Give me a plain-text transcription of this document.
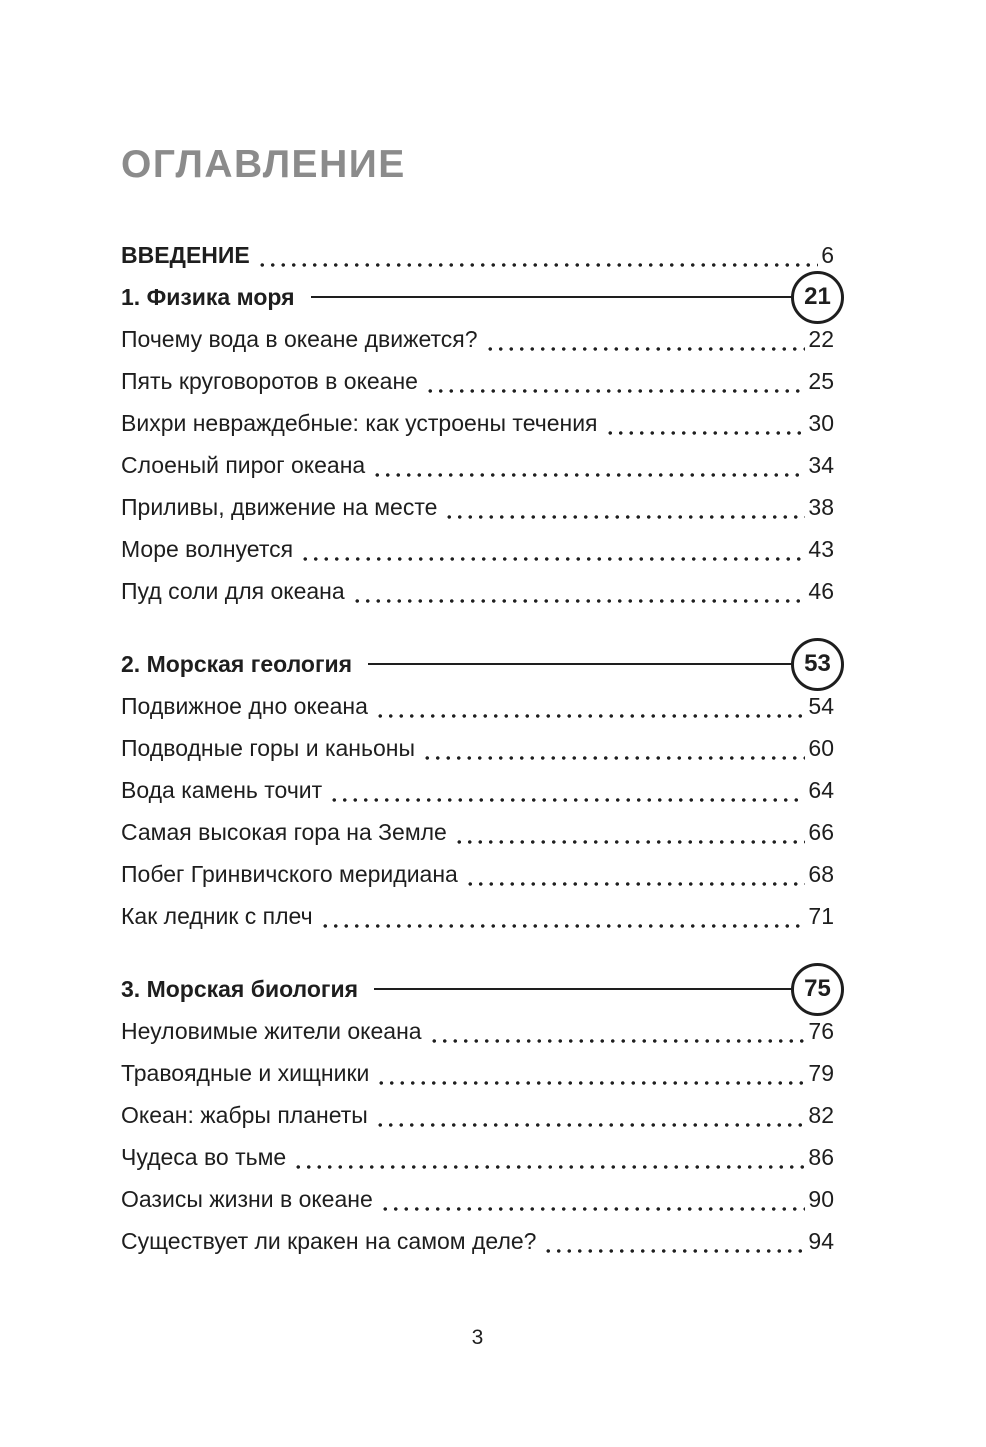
ОГЛАВЛЕНИЕ
ВВЕДЕНИЕ	6
1. Физика моря	21
Почему вода в океане движется?	22
Пять круговоротов в океане	25
Вихри невраждебные: как устроены течения	30
Слоеный пирог океана	34
Приливы, движение на месте	38
Море волнуется	43
Пуд соли для океана	46
2. Морская геология	53
Подвижное дно океана	54
Подводные горы и каньоны	60
Вода камень точит	64
Самая высокая гора на Земле	66
Побег Гринвичского меридиана	68
Как ледник с плеч	71
3. Морская биология	75
Неуловимые жители океана	76
Травоядные и хищники	79
Океан: жабры планеты	82
Чудеса во тьме	86
Оазисы жизни в океане	90
Существует ли кракен на самом деле?	94
3
